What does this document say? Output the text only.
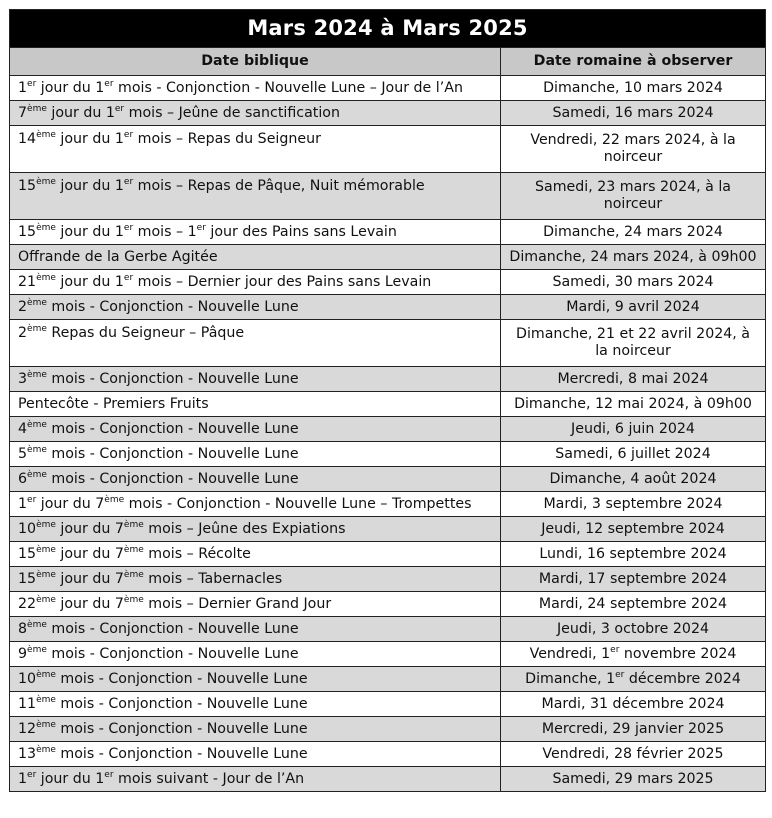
Mars 2024 à Mars 2025	
Date biblique	Date romaine à observer
1er jour du 1er mois - Conjonction - Nouvelle Lune – Jour de l’An	Dimanche, 10 mars 2024
7ème jour du 1er mois – Jeûne de sanctification	Samedi, 16 mars 2024
14ème jour du 1er mois – Repas du Seigneur	Vendredi, 22 mars 2024, à la noirceur
15ème jour du 1er mois – Repas de Pâque, Nuit mémorable	Samedi, 23 mars 2024, à la noirceur
15ème jour du 1er mois – 1er jour des Pains sans Levain	Dimanche, 24 mars 2024
Offrande de la Gerbe Agitée	Dimanche, 24 mars 2024, à 09h00
21ème jour du 1er mois – Dernier jour des Pains sans Levain	Samedi, 30 mars 2024
2ème mois - Conjonction - Nouvelle Lune	Mardi, 9 avril 2024
2ème Repas du Seigneur – Pâque	Dimanche, 21 et 22 avril 2024, à la noirceur
3ème mois - Conjonction - Nouvelle Lune	Mercredi, 8 mai 2024
Pentecôte - Premiers Fruits	Dimanche, 12 mai 2024, à 09h00
4ème mois - Conjonction - Nouvelle Lune	Jeudi, 6 juin 2024
5ème mois - Conjonction - Nouvelle Lune	Samedi, 6 juillet 2024
6ème mois - Conjonction - Nouvelle Lune	Dimanche, 4 août 2024
1er jour du 7ème mois - Conjonction - Nouvelle Lune – Trompettes	Mardi, 3 septembre 2024
10ème jour du 7ème mois – Jeûne des Expiations	Jeudi, 12 septembre 2024
15ème jour du 7ème mois – Récolte	Lundi, 16 septembre 2024
15ème jour du 7ème mois – Tabernacles	Mardi, 17 septembre 2024
22ème jour du 7ème mois – Dernier Grand Jour	Mardi, 24 septembre 2024
8ème mois - Conjonction - Nouvelle Lune	Jeudi, 3 octobre 2024
9ème mois - Conjonction - Nouvelle Lune	Vendredi, 1er novembre 2024
10ème mois - Conjonction - Nouvelle Lune	Dimanche, 1er décembre 2024
11ème mois - Conjonction - Nouvelle Lune	Mardi, 31 décembre 2024
12ème mois - Conjonction - Nouvelle Lune	Mercredi, 29 janvier 2025
13ème mois - Conjonction - Nouvelle Lune	Vendredi, 28 février 2025
1er jour du 1er mois suivant - Jour de l’An	Samedi, 29 mars 2025
